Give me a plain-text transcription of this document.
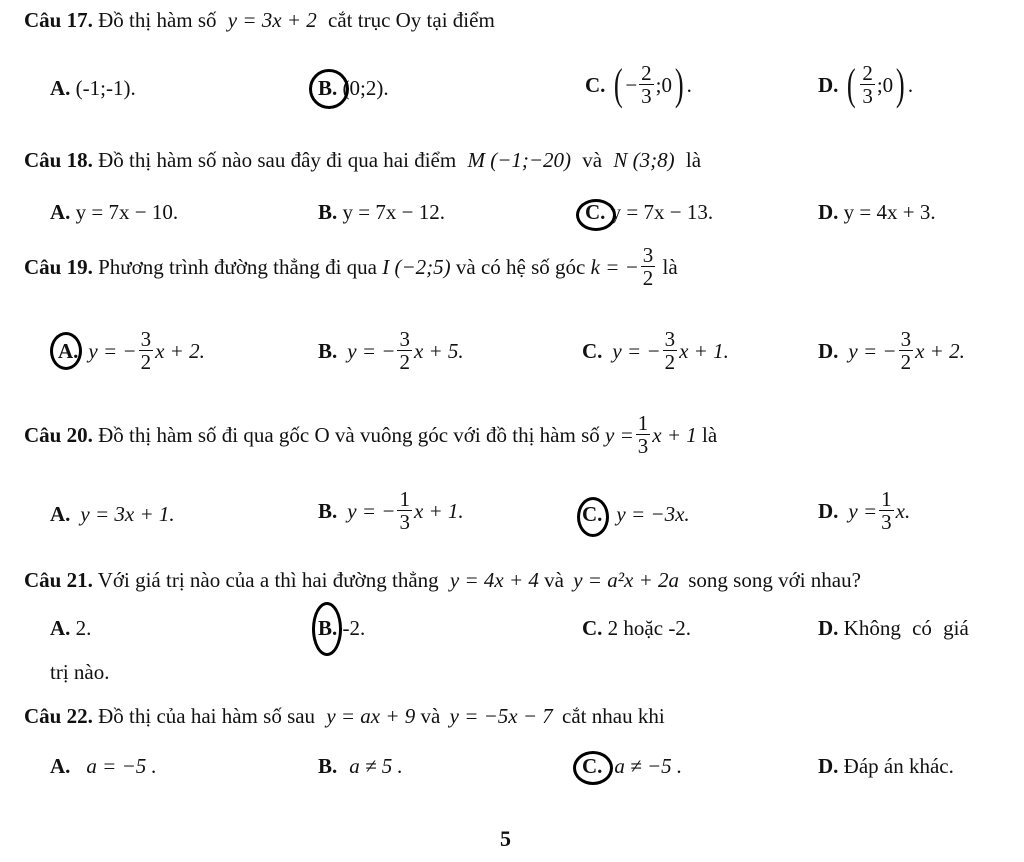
Câu 17. Đồ thị hàm số y = 3x + 2 cắt trục Oy tại điểm
A.
(-1;-1).	B.
(0;2).	C.
( − $\frac{2}{3}$ ;0 ) .	D.
( $\frac{2}{3}$ ;0 ) .
Câu 18. Đồ thị hàm số nào sau đây đi qua hai điểm M (−1;−20) và N (3;8) là
A.
y = 7x − 10.	B.
y = 7x − 12.	C.
y = 7x − 13.	D.
y = 4x + 3.
Câu 19.
Phương trình đường thẳng đi qua
I (−2;5)
và có hệ số góc
k = − $\frac{3}{2}$
là
A. y = − $\frac{3}{2}$ x + 2.	B. y = − $\frac{3}{2}$ x + 5.	C. y = − $\frac{3}{2}$ x + 1.	D. y = − $\frac{3}{2}$ x + 2.
Câu 20.
Đồ thị hàm số đi qua gốc O và vuông góc với đồ thị hàm số
$y = \frac{1}{3}$ x + 1
là
A. y = 3x + 1.	B. y = − $\frac{1}{3}$ x + 1.	C. y = −3x.	D. $y = \frac{1}{3} x$.
Câu 21. Với giá trị nào của a thì hai đường thẳng y = 4x + 4 và y = a²x + 2a song song với nhau?
A.
2.	B.
-2.	C.
2 hoặc -2.	D.
Không có giá
trị nào.
Câu 22. Đồ thị của hai hàm số sau y = ax + 9 và y = −5x − 7 cắt nhau khi
A. a = −5 .	B. a ≠ 5 .	C. a ≠ −5 .	D.
Đáp án khác.
5
